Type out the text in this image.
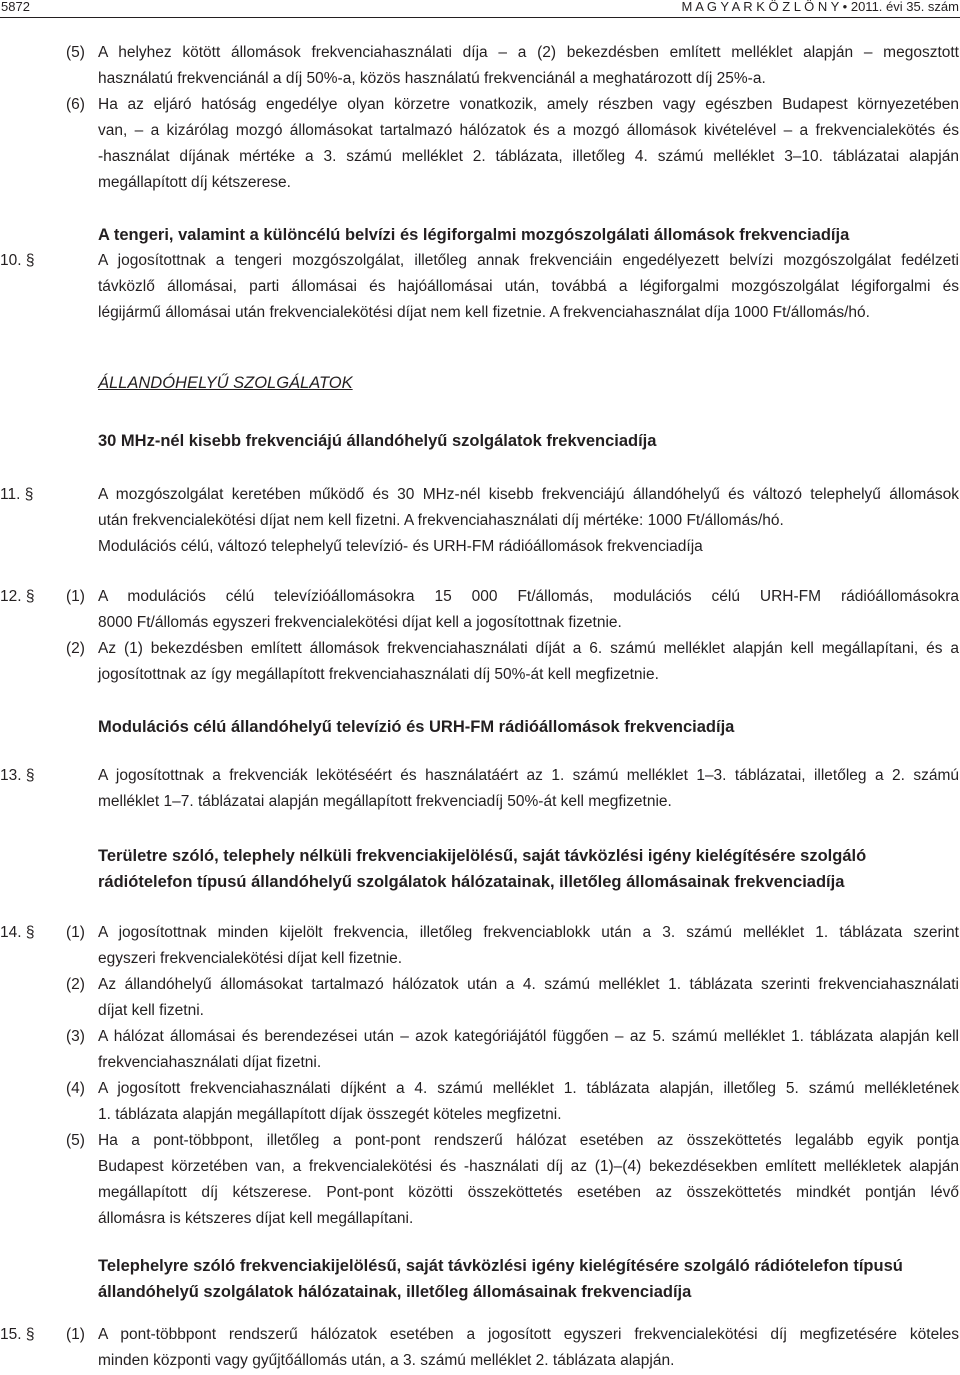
5872	M A G Y A R K Ö Z L Ö N Y • 2011. évi 35. szám
(5) A helyhez kötött állomások frekvenciahasználati díja – a (2) bekezdésben említett melléklet alapján – megosztott
használatú frekvenciánál a díj 50%-a, közös használatú frekvenciánál a meghatározott díj 25%-a.
(6) Ha az eljáró hatóság engedélye olyan körzetre vonatkozik, amely részben vagy egészben Budapest környezetében
van, – a kizárólag mozgó állomásokat tartalmazó hálózatok és a mozgó állomások kivételével – a frekvencialekötés és
-használat díjának mértéke a 3. számú melléklet 2. táblázata, illetőleg 4. számú melléklet 3–10. táblázatai alapján
megállapított díj kétszerese.
A tengeri, valamint a különcélú belvízi és légiforgalmi mozgószolgálati állomások frekvenciadíja
10. §	A jogosítottnak a tengeri mozgószolgálat, illetőleg annak frekvenciáin engedélyezett belvízi mozgószolgálat fedélzeti
távközlő állomásai, parti állomásai és hajóállomásai után, továbbá a légiforgalmi mozgószolgálat légiforgalmi és
légijármű állomásai után frekvencialekötési díjat nem kell fizetnie. A frekvenciahasználat díja 1000 Ft/állomás/hó.
ÁLLANDÓHELYŰ SZOLGÁLATOK
30 MHz-nél kisebb frekvenciájú állandóhelyű szolgálatok frekvenciadíja
11. §	A mozgószolgálat keretében működő és 30 MHz-nél kisebb frekvenciájú állandóhelyű és változó telephelyű állomások
után frekvencialekötési díjat nem kell fizetni. A frekvenciahasználati díj mértéke: 1000 Ft/állomás/hó.
Modulációs célú, változó telephelyű televízió- és URH-FM rádióállomások frekvenciadíja
12. § (1) A modulációs célú televízióállomásokra 15 000 Ft/állomás, modulációs célú URH-FM rádióállomásokra
8000 Ft/állomás egyszeri frekvencialekötési díjat kell a jogosítottnak fizetnie.
(2) Az (1) bekezdésben említett állomások frekvenciahasználati díját a 6. számú melléklet alapján kell megállapítani, és a
jogosítottnak az így megállapított frekvenciahasználati díj 50%-át kell megfizetnie.
Modulációs célú állandóhelyű televízió és URH-FM rádióállomások frekvenciadíja
13. §	A jogosítottnak a frekvenciák lekötéséért és használatáért az 1. számú melléklet 1–3. táblázatai, illetőleg a 2. számú
melléklet 1–7. táblázatai alapján megállapított frekvenciadíj 50%-át kell megfizetnie.
Területre szóló, telephely nélküli frekvenciakijelölésű, saját távközlési igény kielégítésére szolgáló
rádiótelefon típusú állandóhelyű szolgálatok hálózatainak, illetőleg állomásainak frekvenciadíja
14. § (1) A jogosítottnak minden kijelölt frekvencia, illetőleg frekvenciablokk után a 3. számú melléklet 1. táblázata szerint
egyszeri frekvencialekötési díjat kell fizetnie.
(2) Az állandóhelyű állomásokat tartalmazó hálózatok után a 4. számú melléklet 1. táblázata szerinti frekvenciahasználati
díjat kell fizetni.
(3) A hálózat állomásai és berendezései után – azok kategóriájától függően – az 5. számú melléklet 1. táblázata alapján kell
frekvenciahasználati díjat fizetni.
(4) A jogosított frekvenciahasználati díjként a 4. számú melléklet 1. táblázata alapján, illetőleg 5. számú mellékletének
1. táblázata alapján megállapított díjak összegét köteles megfizetni.
(5) Ha a pont-többpont, illetőleg a pont-pont rendszerű hálózat esetében az összeköttetés legalább egyik pontja
Budapest körzetében van, a frekvencialekötési és -használati díj az (1)–(4) bekezdésekben említett mellékletek alapján
megállapított díj kétszerese. Pont-pont közötti összeköttetés esetében az összeköttetés mindkét pontján lévő
állomásra is kétszeres díjat kell megállapítani.
Telephelyre szóló frekvenciakijelölésű, saját távközlési igény kielégítésére szolgáló rádiótelefon típusú
állandóhelyű szolgálatok hálózatainak, illetőleg állomásainak frekvenciadíja
15. § (1) A pont-többpont rendszerű hálózatok esetében a jogosított egyszeri frekvencialekötési díj megfizetésére köteles
minden központi vagy gyűjtőállomás után, a 3. számú melléklet 2. táblázata alapján.
